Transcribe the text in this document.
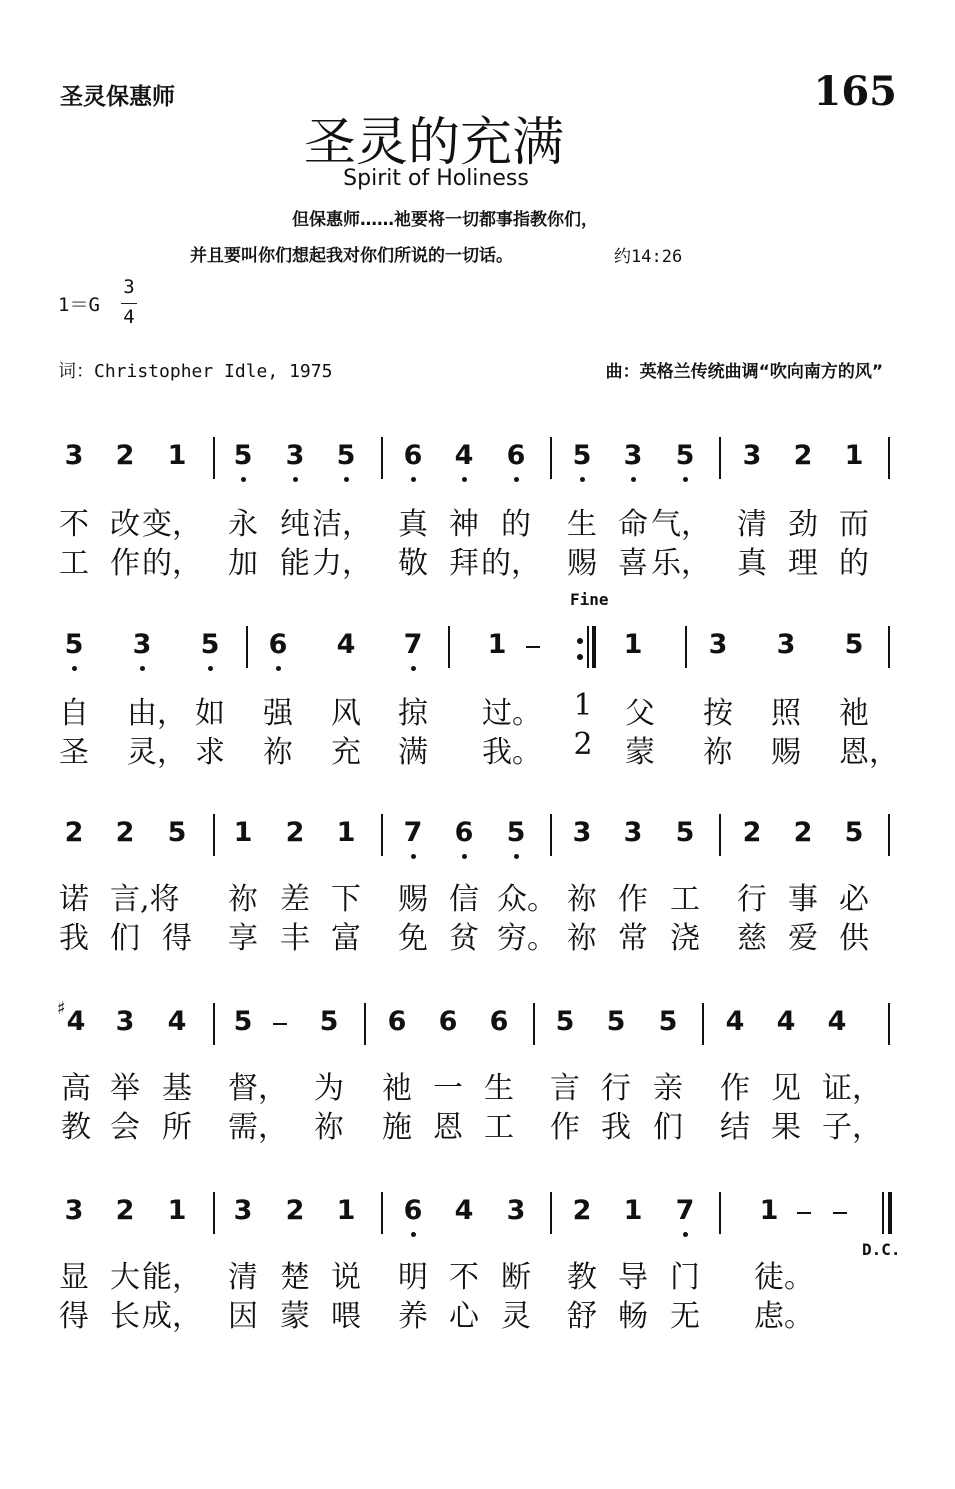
圣灵保惠师	165
圣灵的充满
Spirit of Holiness
但保惠师……祂要将一切都事指教你们，
并且要叫你们想起我对你们所说的一切话。	约14:26
1＝G
3
4
词：Christopher Idle, 1975	曲：英格兰传统曲调“吹向南方的风”
3 2 1 5 3 5 6 4 6 5 3 5 3 2 1
不 改 变， 永 纯 洁， 真 神 的 生 命 气， 清 劲 而
工 作 的， 加 能 力， 敬 拜 的， 赐 喜 乐， 真 理 的
Fine
5 3 5 6 4 7 1	1 3 3 5
自 由， 如 强 风 掠 过。	1	父 按 照 祂
圣 灵， 求 祢 充 满 我。	2	蒙 祢 赐 恩，
2 2 5 1 2 1 7 6 5 3 3 5 2 2 5
诺 言,将 祢 差 下 赐 信 众。 祢 作 工 行 事 必
我 们 得 享 丰 富 免 贫 穷。 祢 常 浇 慈 爱 供
♯ 4 3 4 5 5 6 6 6 5 5 5 4 4 4
高 举 基 督， 为 祂 一 生 言 行 亲 作 见 证，
教 会 所 需， 祢 施 恩 工 作 我 们 结 果 子，
3 2 1 3 2 1 6 4 3 2 1 7 1
显 大 能， 清 楚 说 明 不 断 教 导 门 徒。
得 长 成， 因 蒙 喂 养 心 灵 舒 畅 无 虑。
D.C.
